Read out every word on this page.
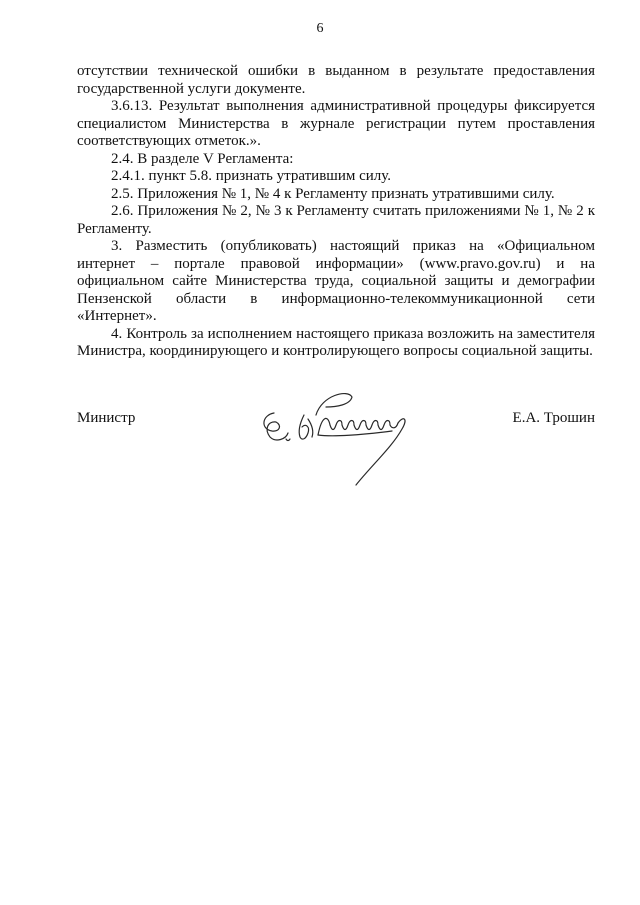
6

отсутствии технической ошибки в выданном в результате предоставления государственной услуги документе.

3.6.13. Результат выполнения административной процедуры фиксируется специалистом Министерства в журнале регистрации путем проставления соответствующих отметок.».

2.4. В разделе V Регламента:

2.4.1. пункт 5.8. признать утратившим силу.

2.5. Приложения № 1, № 4 к Регламенту признать утратившими силу.

2.6. Приложения № 2, № 3 к Регламенту считать приложениями № 1, № 2 к Регламенту.

3. Разместить (опубликовать) настоящий приказ на «Официальном интернет – портале правовой информации» (www.pravo.gov.ru) и на официальном сайте Министерства труда, социальной защиты и демографии Пензенской области в информационно-телекоммуникационной сети «Интернет».

4. Контроль за исполнением настоящего приказа возложить на заместителя Министра, координирующего и контролирующего вопросы социальной защиты.

Министр	Е.А. Трошин
